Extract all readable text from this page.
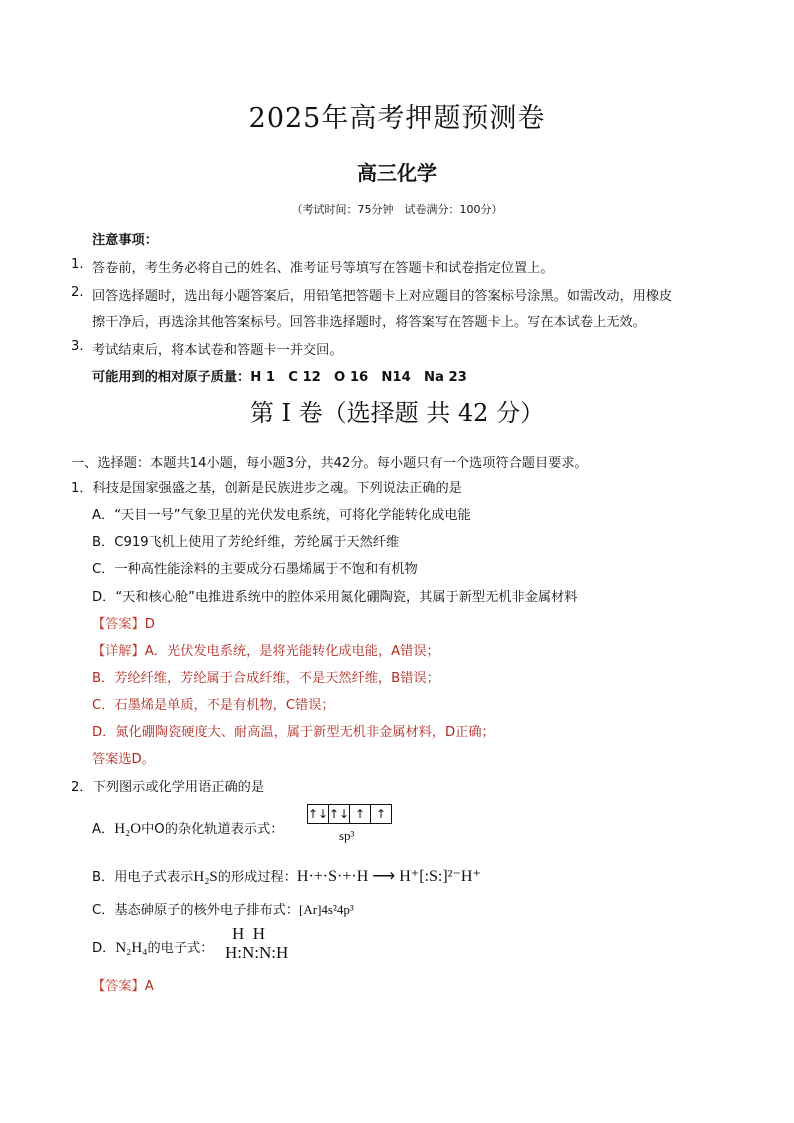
2025年高考押题预测卷
高三化学
（考试时间：75分钟　试卷满分：100分）
注意事项：
1. 答卷前，考生务必将自己的姓名、准考证号等填写在答题卡和试卷指定位置上。
2. 回答选择题时，选出每小题答案后，用铅笔把答题卡上对应题目的答案标号涂黑。如需改动，用橡皮
擦干净后，再选涂其他答案标号。回答非选择题时，将答案写在答题卡上。写在本试卷上无效。
3. 考试结束后，将本试卷和答题卡一并交回。
可能用到的相对原子质量：H 1　C 12　O 16　N14　Na 23
第 I 卷（选择题 共 42 分）
一、选择题：本题共14小题，每小题3分，共42分。每小题只有一个选项符合题目要求。
1．科技是国家强盛之基，创新是民族进步之魂。下列说法正确的是
A．“天目一号”气象卫星的光伏发电系统，可将化学能转化成电能
B．C919飞机上使用了芳纶纤维，芳纶属于天然纤维
C．一种高性能涂料的主要成分石墨烯属于不饱和有机物
D．“天和核心舱”电推进系统中的腔体采用氮化硼陶瓷，其属于新型无机非金属材料
【答案】D
【详解】A．光伏发电系统，是将光能转化成电能，A错误；
B．芳纶纤维，芳纶属于合成纤维，不是天然纤维，B错误；
C．石墨烯是单质，不是有机物，C错误；
D．氮化硼陶瓷硬度大、耐高温，属于新型无机非金属材料，D正确；
答案选D。
2．下列图示或化学用语正确的是
A．H₂O中O的杂化轨道表示式：
↑↓ ↑↓ ↑ ↑
sp³
B．用电子式表示H₂S的形成过程：H·+·S·+·H ⟶ H⁺[:S:]²⁻H⁺
C．基态砷原子的核外电子排布式：[Ar]4s²4p³
D．N₂H₄的电子式：
H  H
H:N:N:H
【答案】A
